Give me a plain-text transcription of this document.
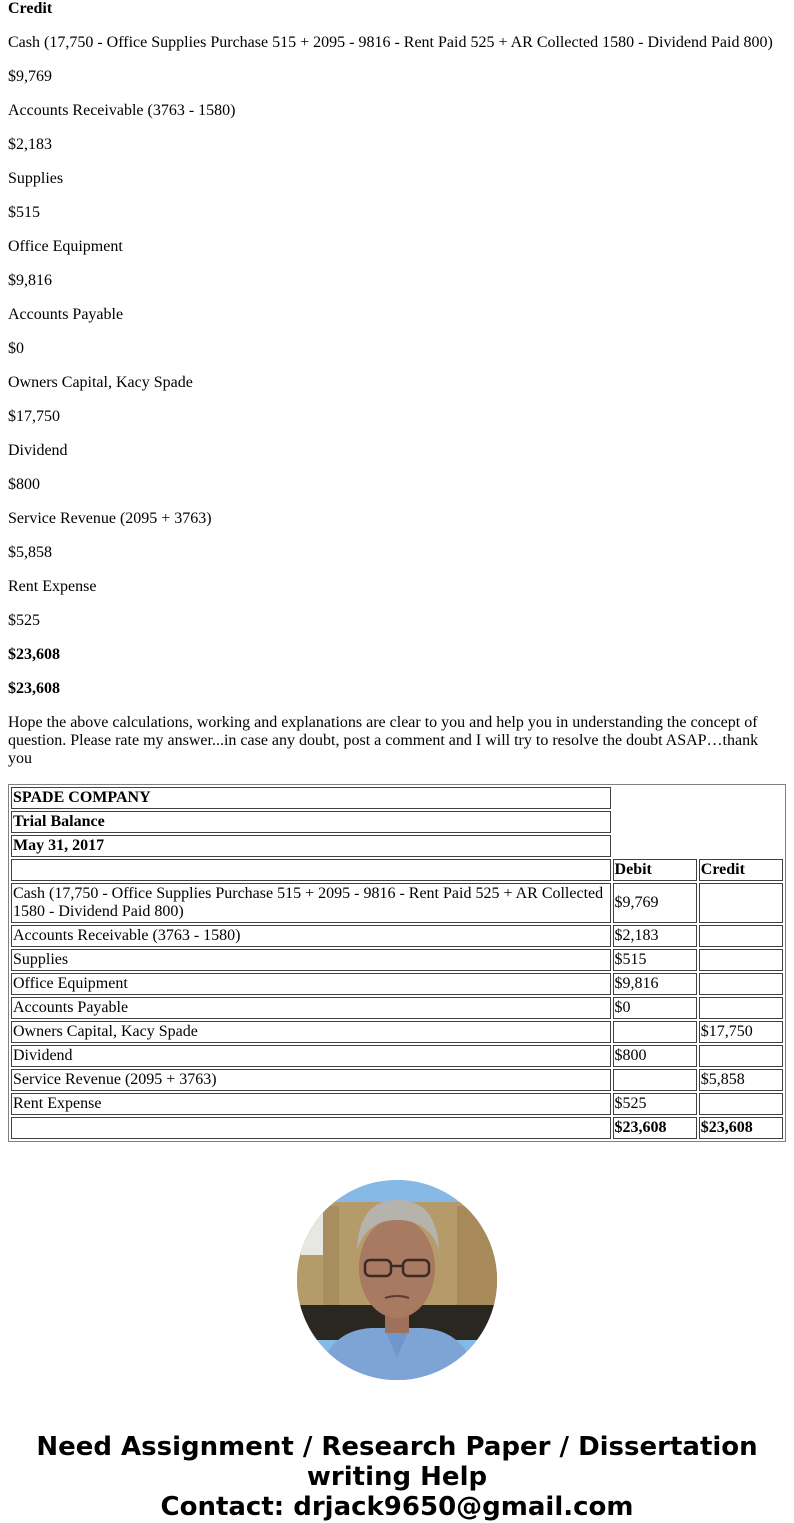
Credit

Cash (17,750 - Office Supplies Purchase 515 + 2095 - 9816 - Rent Paid 525 + AR Collected 1580 - Dividend Paid 800)

$9,769

Accounts Receivable (3763 - 1580)

$2,183

Supplies

$515

Office Equipment

$9,816

Accounts Payable

$0

Owners Capital, Kacy Spade

$17,750

Dividend

$800

Service Revenue (2095 + 3763)

$5,858

Rent Expense

$525

$23,608

$23,608

Hope the above calculations, working and explanations are clear to you and help you in understanding the concept of question. Please rate my answer...in case any doubt, post a comment and I will try to resolve the doubt ASAP…thank you

SPADE COMPANY		
Trial Balance		
May 31, 2017		
	Debit	Credit
Cash (17,750 - Office Supplies Purchase 515 + 2095 - 9816 - Rent Paid 525 + AR Collected 1580 - Dividend Paid 800)	$9,769	
Accounts Receivable (3763 - 1580)	$2,183	
Supplies	$515	
Office Equipment	$9,816	
Accounts Payable	$0	
Owners Capital, Kacy Spade		$17,750
Dividend	$800	
Service Revenue (2095 + 3763)		$5,858
Rent Expense	$525	
	$23,608	$23,608
Need Assignment / Research Paper / Dissertation writing Help
Contact: drjack9650@gmail.com
